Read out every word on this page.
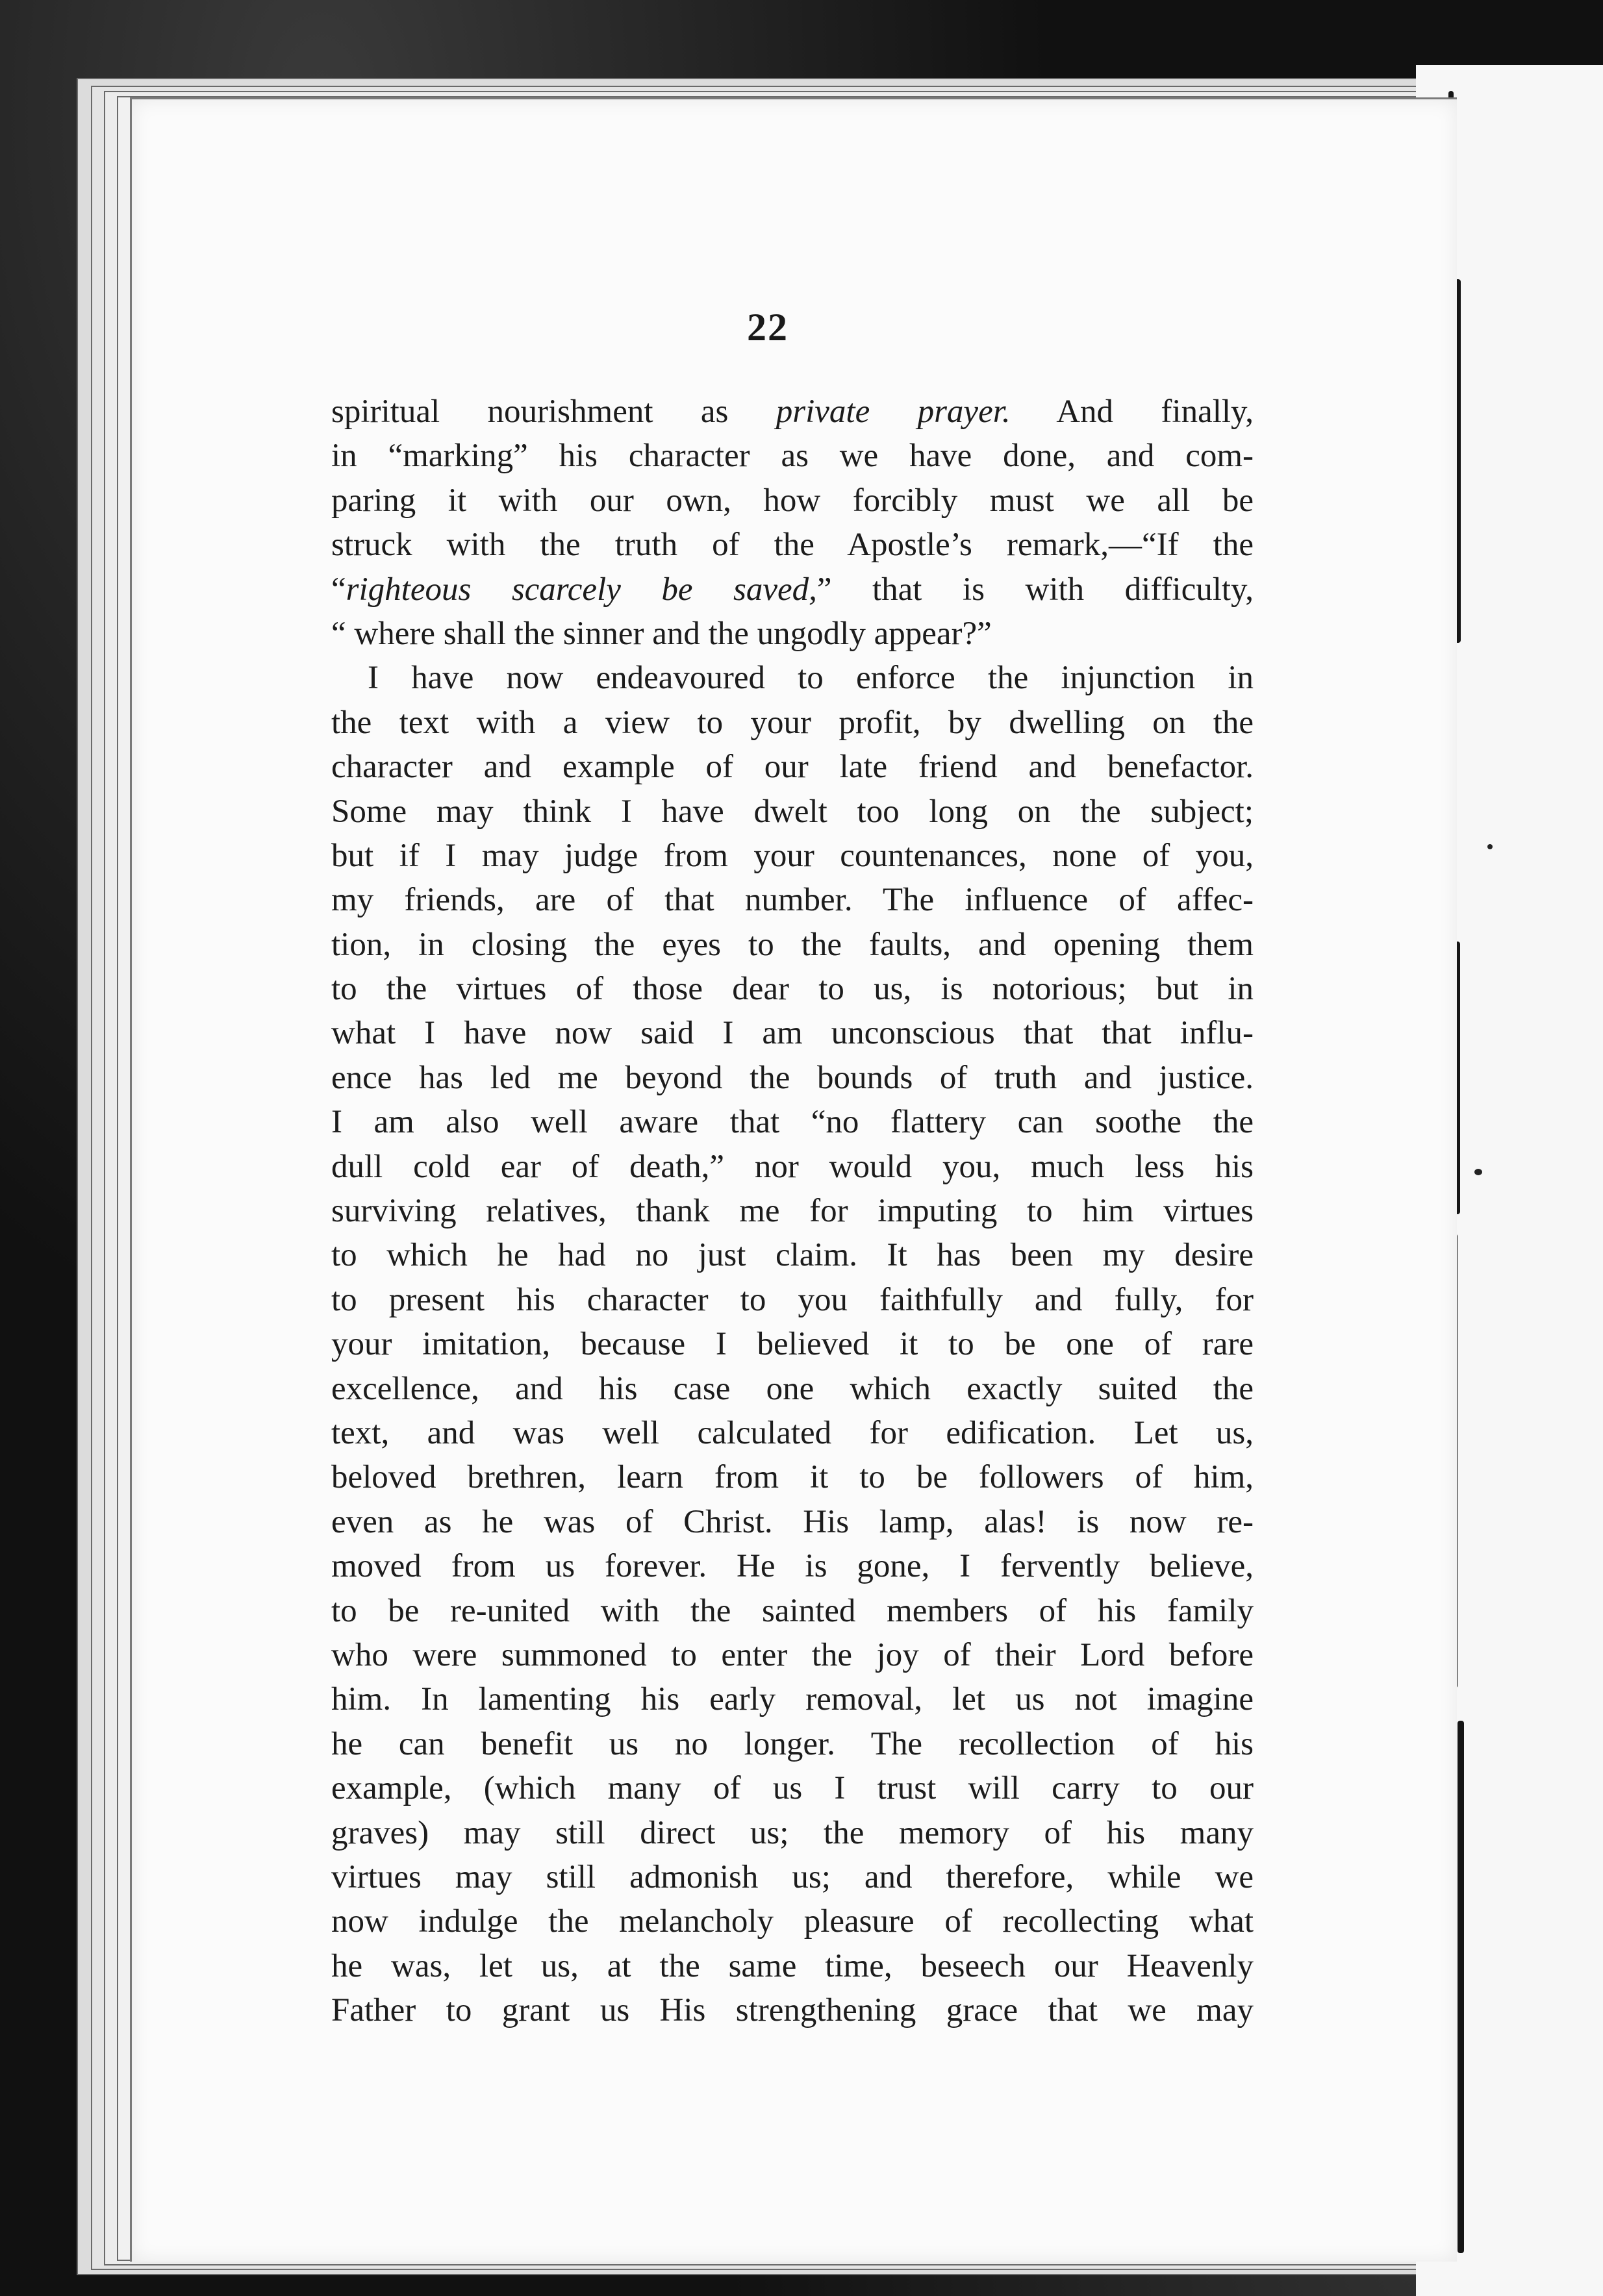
22
spiritual nourishment as private prayer. And finally,
in “marking” his character as we have done, and com-
paring it with our own, how forcibly must we all be
struck with the truth of the Apostle’s remark,—“If the
“righteous scarcely be saved,” that is with difficulty,
“ where shall the sinner and the ungodly appear?”
I have now endeavoured to enforce the injunction in
the text with a view to your profit, by dwelling on the
character and example of our late friend and benefactor.
Some may think I have dwelt too long on the subject;
but if I may judge from your countenances, none of you,
my friends, are of that number. The influence of affec-
tion, in closing the eyes to the faults, and opening them
to the virtues of those dear to us, is notorious; but in
what I have now said I am unconscious that that influ-
ence has led me beyond the bounds of truth and justice.
I am also well aware that “no flattery can soothe the
dull cold ear of death,” nor would you, much less his
surviving relatives, thank me for imputing to him virtues
to which he had no just claim. It has been my desire
to present his character to you faithfully and fully, for
your imitation, because I believed it to be one of rare
excellence, and his case one which exactly suited the
text, and was well calculated for edification. Let us,
beloved brethren, learn from it to be followers of him,
even as he was of Christ. His lamp, alas! is now re-
moved from us forever. He is gone, I fervently believe,
to be re-united with the sainted members of his family
who were summoned to enter the joy of their Lord before
him. In lamenting his early removal, let us not imagine
he can benefit us no longer. The recollection of his
example, (which many of us I trust will carry to our
graves) may still direct us; the memory of his many
virtues may still admonish us; and therefore, while we
now indulge the melancholy pleasure of recollecting what
he was, let us, at the same time, beseech our Heavenly
Father to grant us His strengthening grace that we may
